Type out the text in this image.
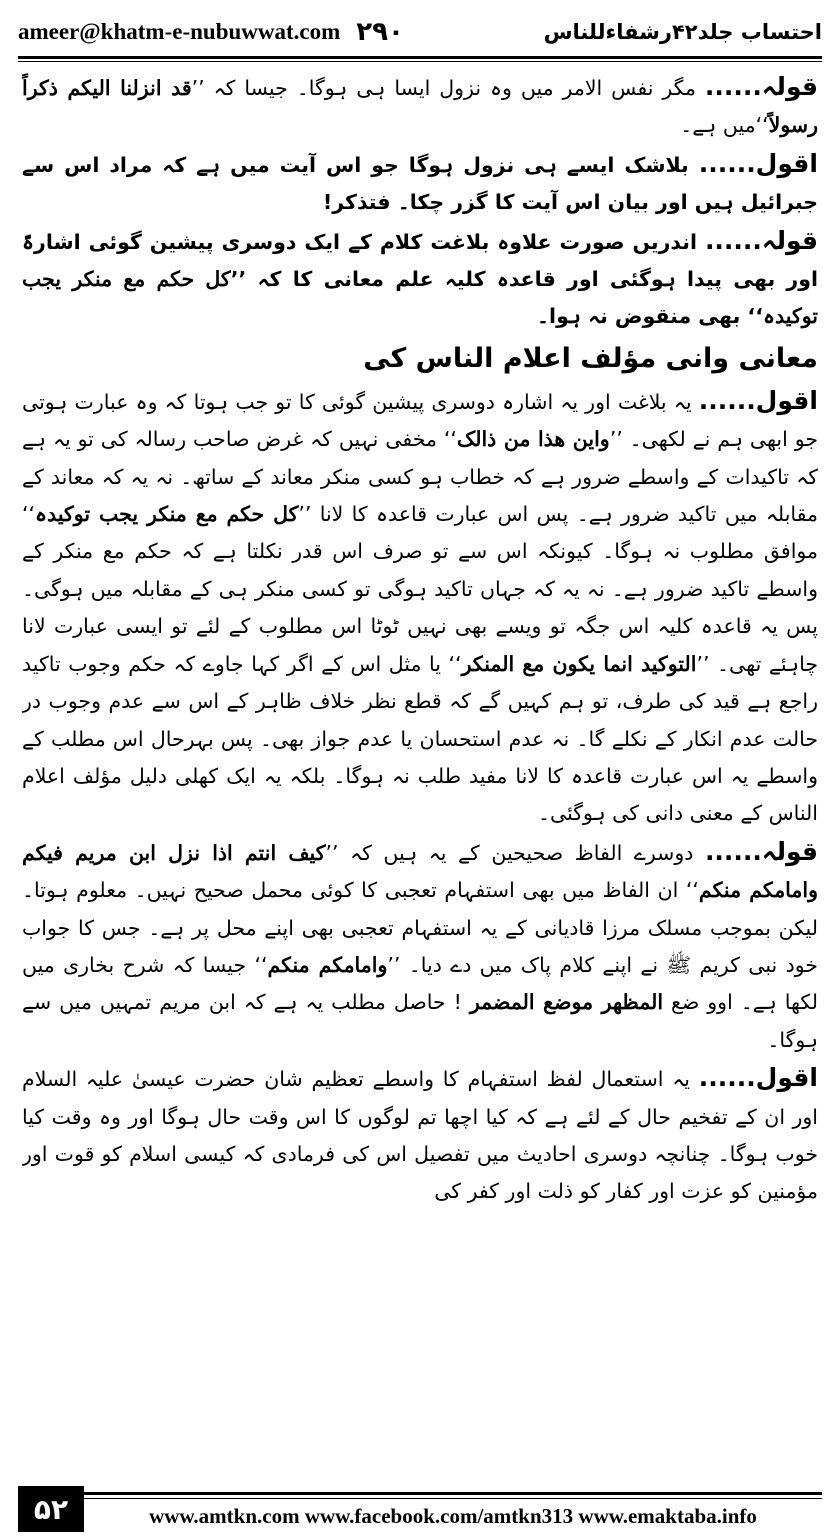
ameer@khatm-e-nubuwwat.com ۲۹۰	احتساب جلد۴۲رشفاءللناس

قولہ...... مگر نفس الامر میں وہ نزول ایسا ہی ہوگا۔ جیسا کہ ’’قد انزلنا الیکم ذکراً رسولاً‘‘میں ہے۔

اقول...... بلاشک ایسے ہی نزول ہوگا جو اس آیت میں ہے کہ مراد اس سے جبرائیل ہیں اور بیان اس آیت کا گزر چکا۔ فتذکر!

قولہ...... اندریں صورت علاوہ بلاغت کلام کے ایک دوسری پیشین گوئی اشارۃً اور بھی پیدا ہوگئی اور قاعدہ کلیہ علم معانی کا کہ ’’کل حکم مع منکر یجب توکیدہ‘‘ بھی منقوض نہ ہوا۔

معانی وانی مؤلف اعلام الناس کی

اقول...... یہ بلاغت اور یہ اشارہ دوسری پیشین گوئی کا تو جب ہوتا کہ وہ عبارت ہوتی جو ابھی ہم نے لکھی۔ ’’واین ھذا من ذالک‘‘ مخفی نہیں کہ غرض صاحب رسالہ کی تو یہ ہے کہ تاکیدات کے واسطے ضرور ہے کہ خطاب ہو کسی منکر معاند کے ساتھ۔ نہ یہ کہ معاند کے مقابلہ میں تاکید ضرور ہے۔ پس اس عبارت قاعدہ کا لانا ’’کل حکم مع منکر یجب توکیدہ‘‘ موافق مطلوب نہ ہوگا۔ کیونکہ اس سے تو صرف اس قدر نکلتا ہے کہ حکم مع منکر کے واسطے تاکید ضرور ہے۔ نہ یہ کہ جہاں تاکید ہوگی تو کسی منکر ہی کے مقابلہ میں ہوگی۔ پس یہ قاعدہ کلیہ اس جگہ تو ویسے بھی نہیں ٹوٹا اس مطلوب کے لئے تو ایسی عبارت لانا چاہئے تھی۔ ’’التوکید انما یکون مع المنکر‘‘ یا مثل اس کے اگر کہا جاوے کہ حکم وجوب تاکید راجع ہے قید کی طرف، تو ہم کہیں گے کہ قطع نظر خلاف ظاہر کے اس سے عدم وجوب در حالت عدم انکار کے نکلے گا۔ نہ عدم استحسان یا عدم جواز بھی۔ پس بہرحال اس مطلب کے واسطے یہ اس عبارت قاعدہ کا لانا مفید طلب نہ ہوگا۔ بلکہ یہ ایک کھلی دلیل مؤلف اعلام الناس کے معنی دانی کی ہوگئی۔

قولہ...... دوسرے الفاظ صحیحین کے یہ ہیں کہ ’’کیف انتم اذا نزل ابن مریم فیکم وامامکم منکم‘‘ ان الفاظ میں بھی استفہام تعجبی کا کوئی محمل صحیح نہیں۔ معلوم ہوتا۔ لیکن بموجب مسلک مرزا قادیانی کے یہ استفہام تعجبی بھی اپنے محل پر ہے۔ جس کا جواب خود نبی کریم ﷺ نے اپنے کلام پاک میں دے دیا۔ ’’وامامکم منکم‘‘ جیسا کہ شرح بخاری میں لکھا ہے۔ اوو ضع المظھر موضع المضمر ! حاصل مطلب یہ ہے کہ ابن مریم تمہیں میں سے ہوگا۔

اقول...... یہ استعمال لفظ استفہام کا واسطے تعظیم شان حضرت عیسیٰ علیہ السلام اور ان کے تفخیم حال کے لئے ہے کہ کیا اچھا تم لوگوں کا اس وقت حال ہوگا اور وہ وقت کیا خوب ہوگا۔ چنانچہ دوسری احادیث میں تفصیل اس کی فرمادی کہ کیسی اسلام کو قوت اور مؤمنین کو عزت اور کفار کو ذلت اور کفر کی

۵۲	www.amtkn.com www.facebook.com/amtkn313 www.emaktaba.info
